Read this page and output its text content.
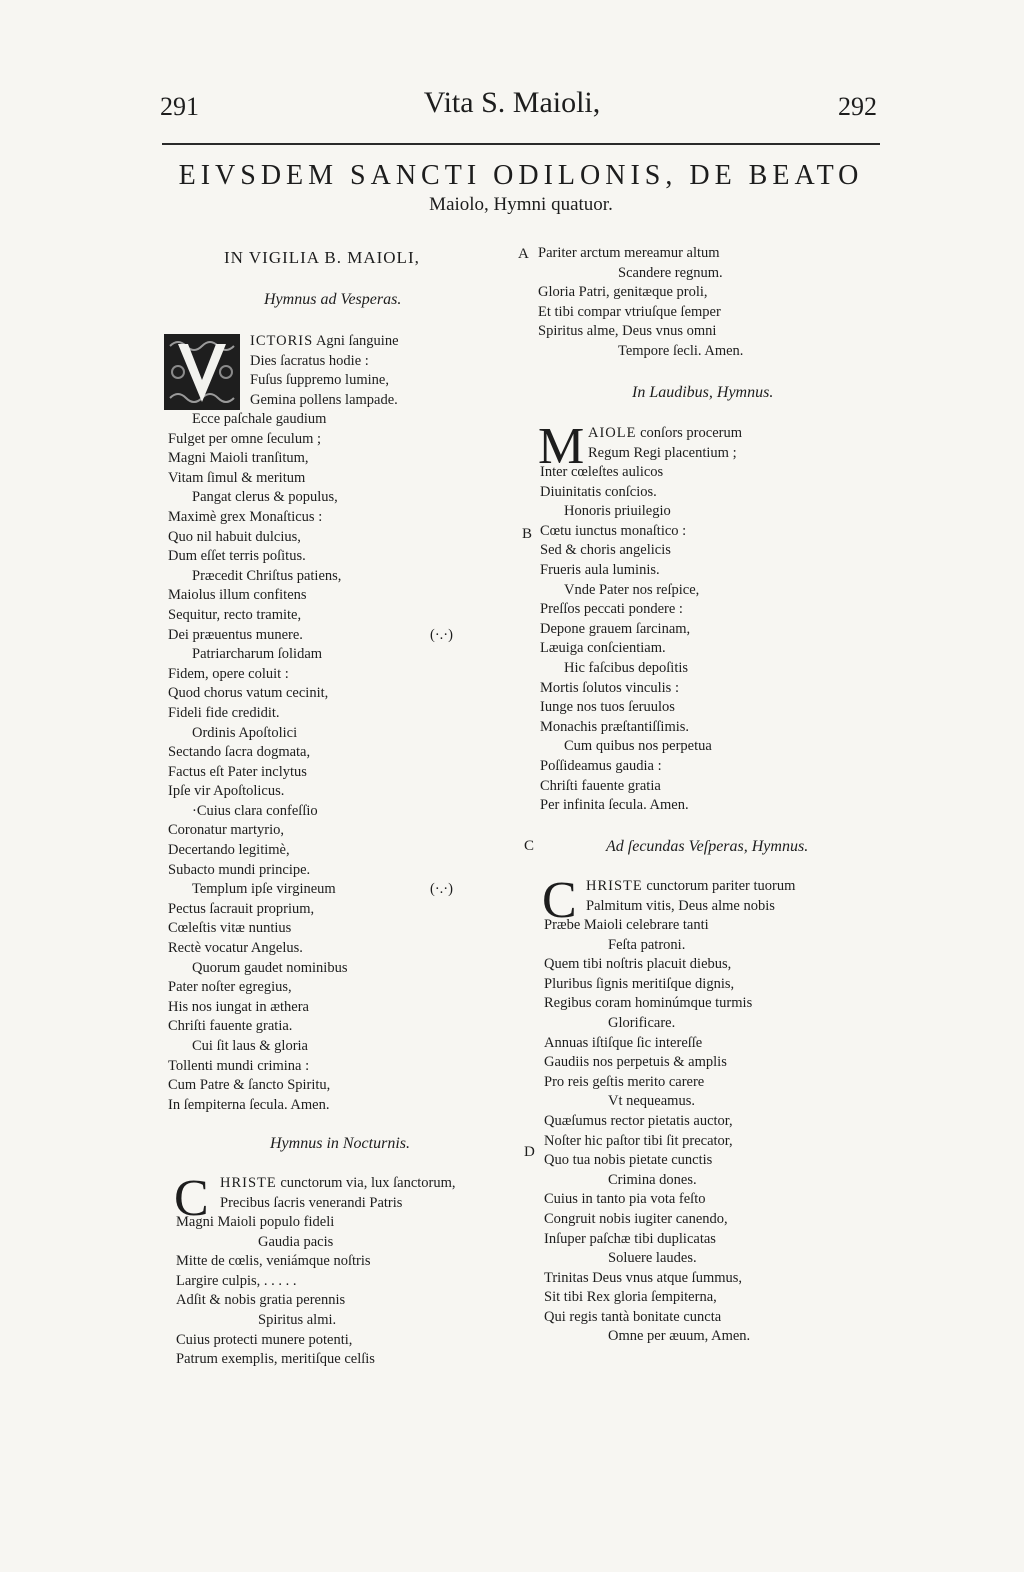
291	Vita S. Maioli,	292
EIVSDEM SANCTI ODILONIS, DE BEATO
Maiolo, Hymni quatuor.
IN VIGILIA B. MAIOLI,
Hymnus ad Vesperas.
ICTORIS Agni ſanguine
Dies ſacratus hodie :
Fuſus ſuppremo lumine,
Gemina pollens lampade.
Ecce paſchale gaudium
Fulget per omne ſeculum ;
Magni Maioli tranſitum,
Vitam ſimul & meritum
Pangat clerus & populus,
Maximè grex Monaſticus :
Quo nil habuit dulcius,
Dum eſſet terris poſitus.
Præcedit Chriſtus patiens,
Maiolus illum confitens
Sequitur, recto tramite,
Dei præuentus munere.
Patriarcharum ſolidam
Fidem, opere coluit :
Quod chorus vatum cecinit,
Fideli fide credidit.
Ordinis Apoſtolici
Sectando ſacra dogmata,
Factus eſt Pater inclytus
Ipſe vir Apoſtolicus.
·Cuius clara confeſſio
Coronatur martyrio,
Decertando legitimè,
Subacto mundi principe.
Templum ipſe virgineum
Pectus ſacrauit proprium,
Cœleſtis vitæ nuntius
Rectè vocatur Angelus.
Quorum gaudet nominibus
Pater noſter egregius,
His nos iungat in æthera
Chriſti fauente gratia.
Cui ſit laus & gloria
Tollenti mundi crimina :
Cum Patre & ſancto Spiritu,
In ſempiterna ſecula. Amen.
(·.·)
(·.·)
Hymnus in Nocturnis.
C HRISTE cunctorum via, lux ſanctorum,
Precibus ſacris venerandi Patris
Magni Maioli populo fideli
Gaudia pacis
Mitte de cœlis, veniámque noſtris
Largire culpis, . . . . .
Adſit & nobis gratia perennis
Spiritus almi.
Cuius protecti munere potenti,
Patrum exemplis, meritiſque celſis
A
B
C
D
Pariter arctum mereamur altum
Scandere regnum.
Gloria Patri, genitæque proli,
Et tibi compar vtriuſque ſemper
Spiritus alme, Deus vnus omni
Tempore ſecli. Amen.
In Laudibus, Hymnus.
M AIOLE conſors procerum
Regum Regi placentium ;
Inter cœleſtes aulicos
Diuinitatis conſcios.
Honoris priuilegio
Cœtu iunctus monaſtico :
Sed & choris angelicis
Frueris aula luminis.
Vnde Pater nos reſpice,
Preſſos peccati pondere :
Depone grauem ſarcinam,
Læuiga conſcientiam.
Hic faſcibus depoſitis
Mortis ſolutos vinculis :
Iunge nos tuos ſeruulos
Monachis præſtantiſſimis.
Cum quibus nos perpetua
Poſſideamus gaudia :
Chriſti fauente gratia
Per infinita ſecula. Amen.
Ad ſecundas Veſperas, Hymnus.
C HRISTE cunctorum pariter tuorum
Palmitum vitis, Deus alme nobis
Præbe Maioli celebrare tanti
Feſta patroni.
Quem tibi noſtris placuit diebus,
Pluribus ſignis meritiſque dignis,
Regibus coram hominúmque turmis
Glorificare.
Annuas iſtiſque ſic intereſſe
Gaudiis nos perpetuis & amplis
Pro reis geſtis merito carere
Vt nequeamus.
Quæſumus rector pietatis auctor,
Noſter hic paſtor tibi ſit precator,
Quo tua nobis pietate cunctis
Crimina dones.
Cuius in tanto pia vota feſto
Congruit nobis iugiter canendo,
Inſuper paſchæ tibi duplicatas
Soluere laudes.
Trinitas Deus vnus atque ſummus,
Sit tibi Rex gloria ſempiterna,
Qui regis tantà bonitate cuncta
Omne per æuum, Amen.
